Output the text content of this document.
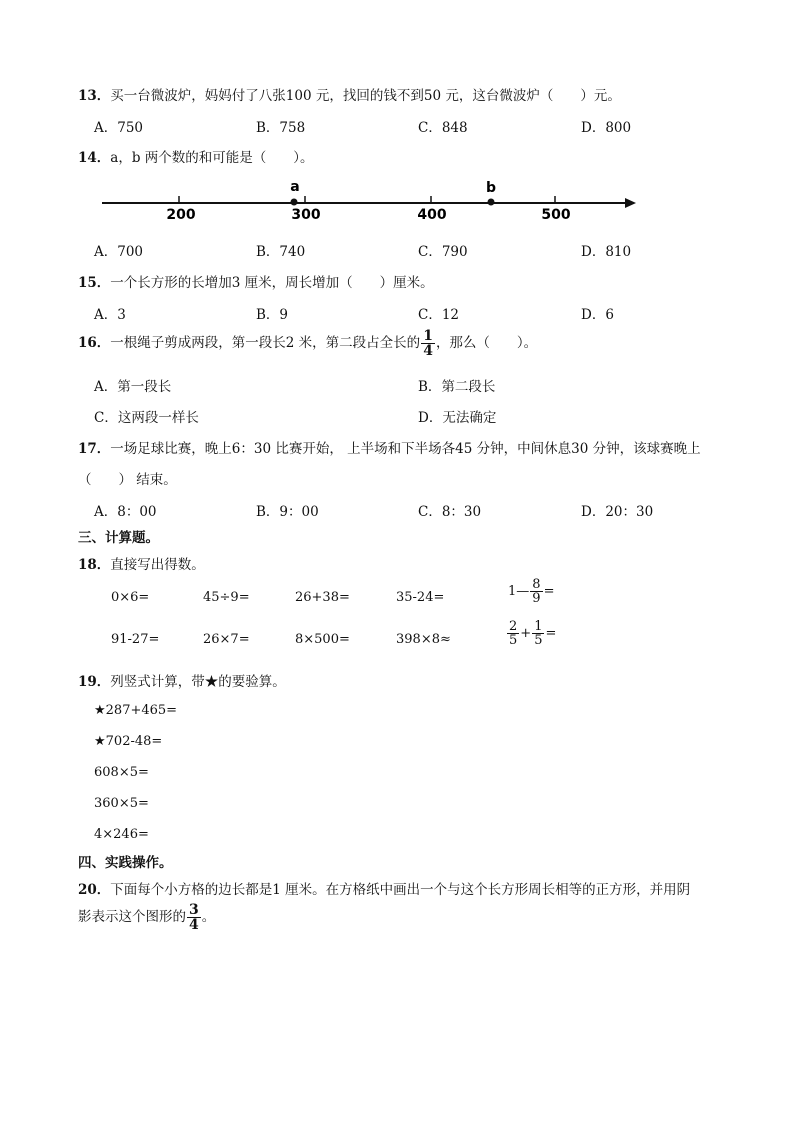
13．买一台微波炉，妈妈付了八张100 元，找回的钱不到50 元，这台微波炉（　　）元。
A．750	B．758	C．848	D．800
14．a，b 两个数的和可能是（　　）。
200	300	400	500
a	b
A．700	B．740	C．790	D．810
15．一个长方形的长增加3 厘米，周长增加（　　）厘米。
A．3	B．9	C．12	D．6
16．一根绳子剪成两段，第一段长2 米，第二段占全长的 $\frac{1}{4}$ ，那么（　　）。
A．第一段长	B．第二段长
C．这两段一样长	D．无法确定
17．一场足球比赛，晚上6：30 比赛开始， 上半场和下半场各45 分钟，中间休息30 分钟，该球赛晚上
（　　） 结束。
A．8：00	B．9：00	C．8：30	D．20：30
三、计算题。
18．直接写出得数。
0×6=	45÷9=	26+38=	35-24=	1— $\frac{8}{9}$ =
91-27=	26×7=	8×500=	398×8≈	$\frac{2}{5} + \frac{1}{5}$ =
19．列竖式计算，带★的要验算。
★287+465=
★702-48=
608×5=
360×5=
4×246=
四、实践操作。
20．下面每个小方格的边长都是1 厘米。在方格纸中画出一个与这个长方形周长相等的正方形，并用阴
影表示这个图形的 $\frac{3}{4}$ 。
